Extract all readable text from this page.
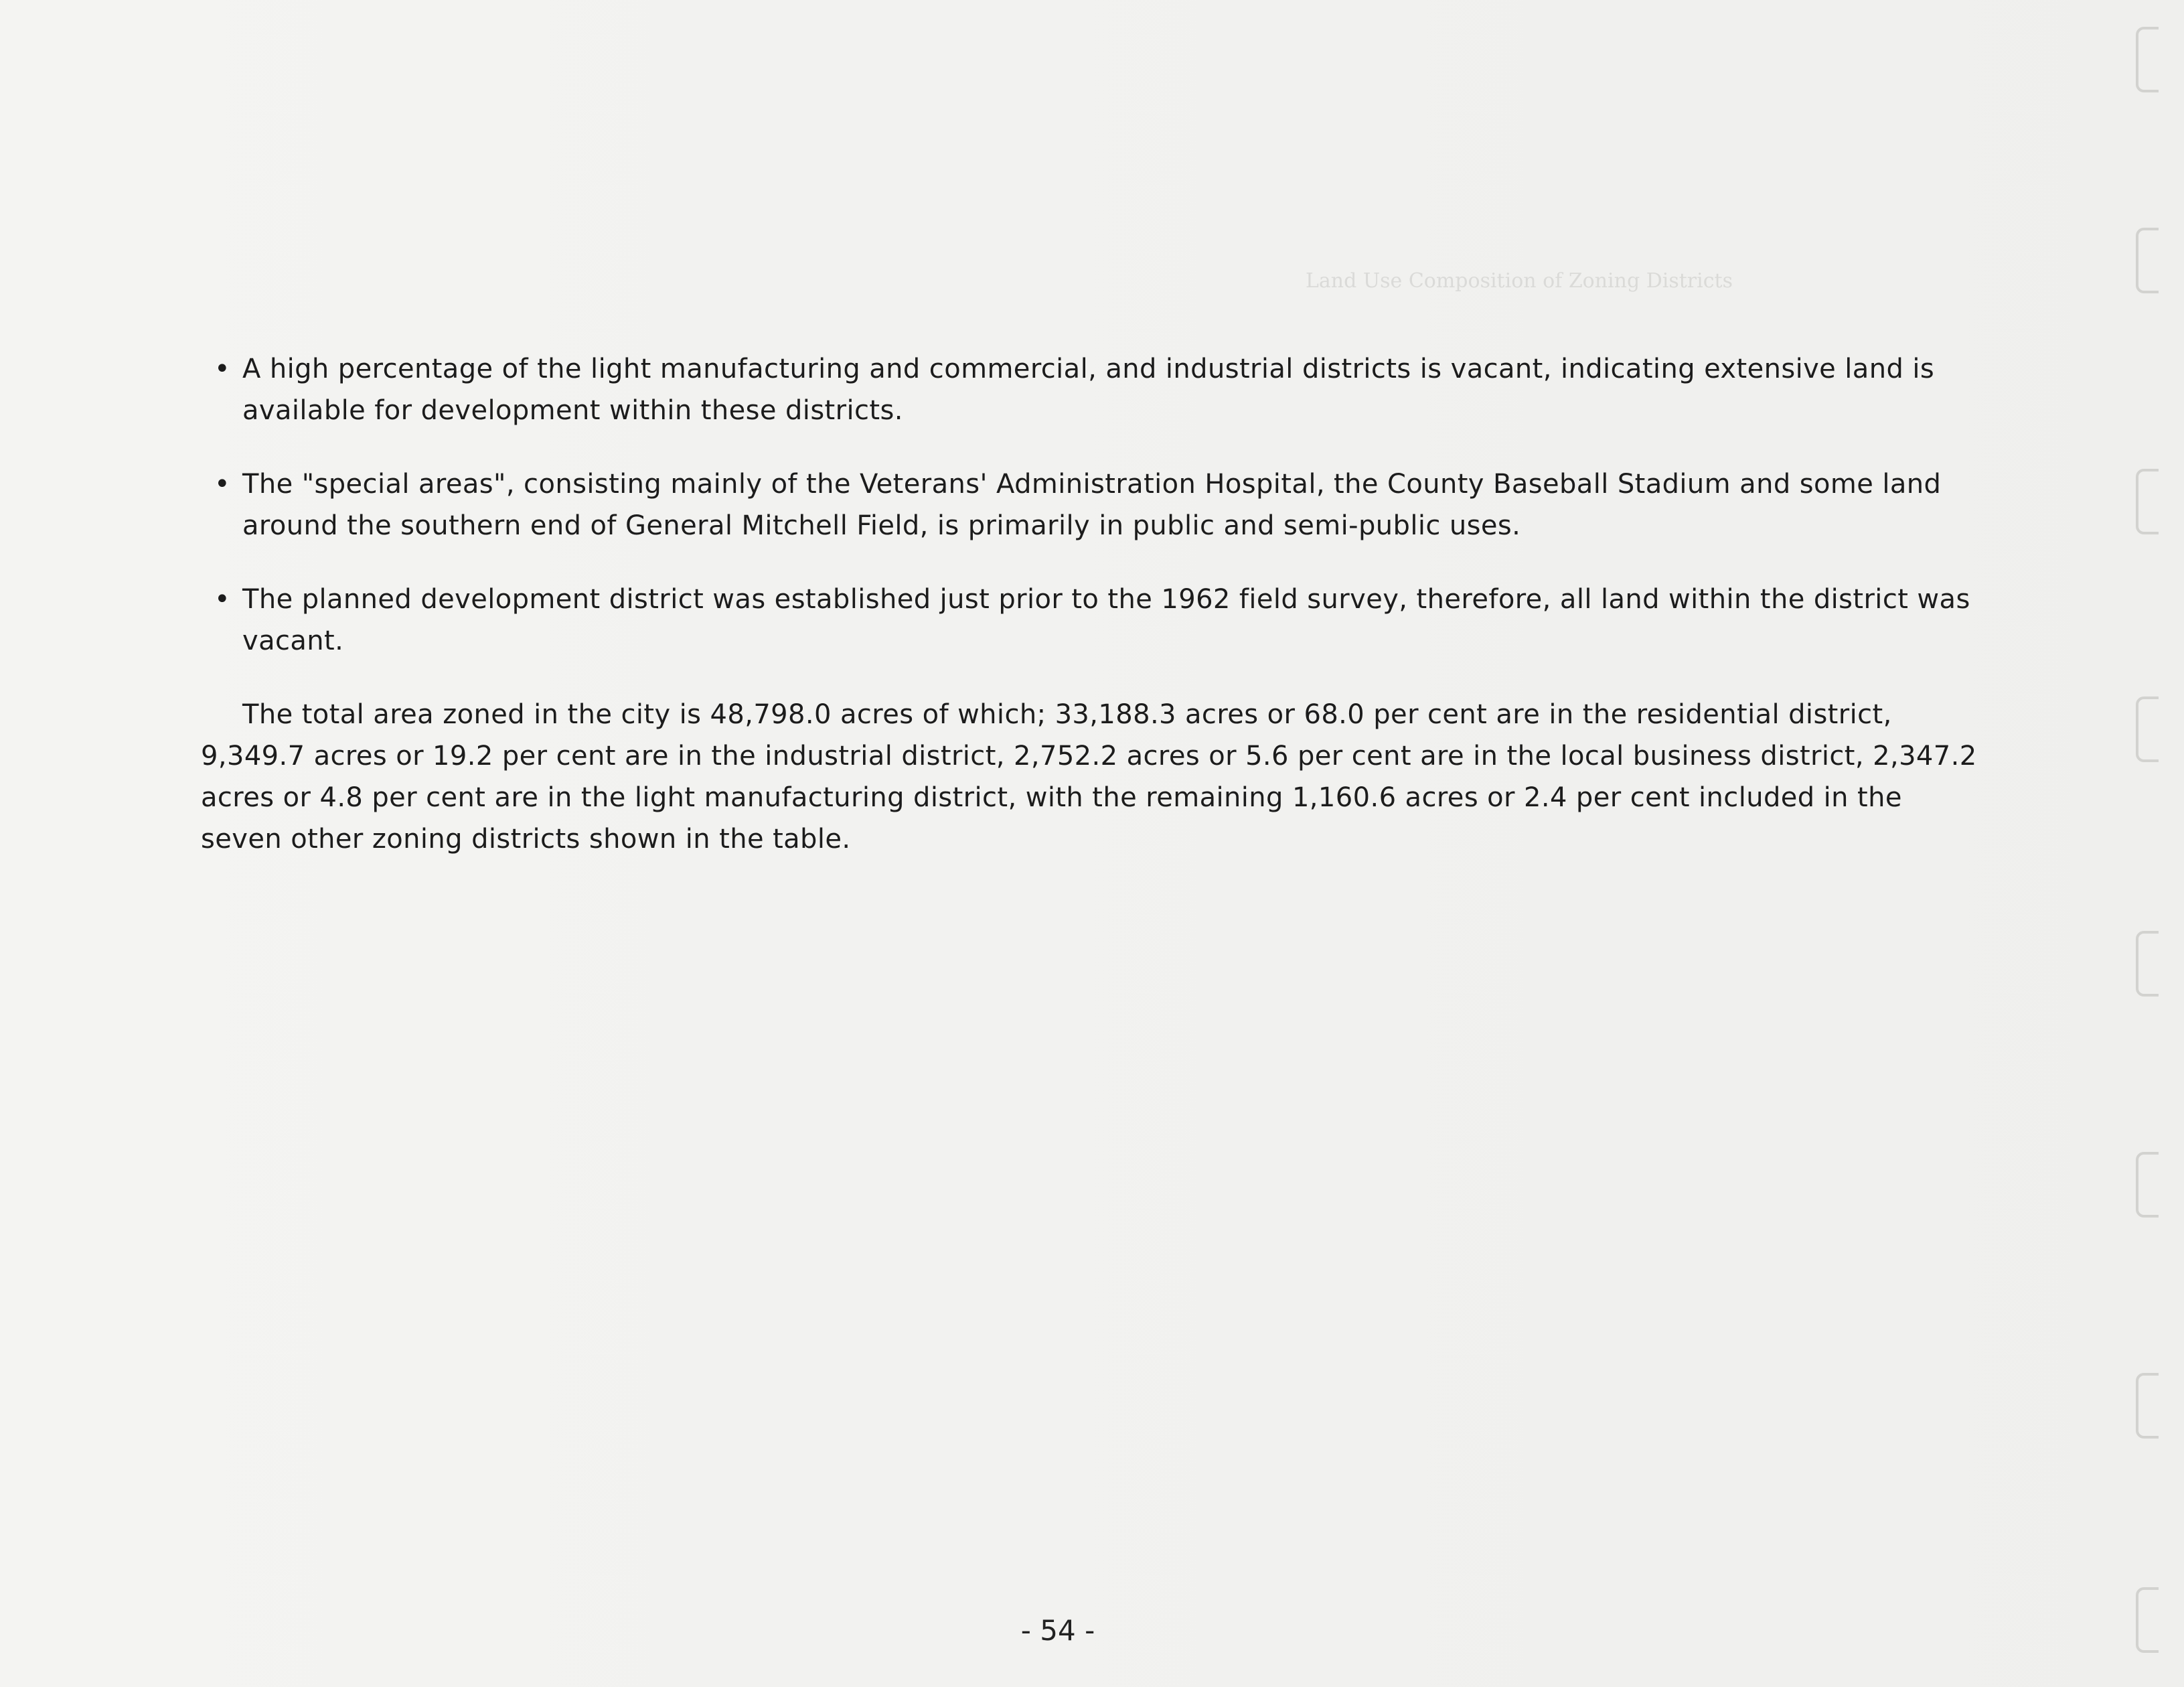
Land Use Composition of Zoning Districts
• A high percentage of the light manufacturing and commercial, and industrial districts is vacant, indicating extensive land is available for development within these districts.
• The "special areas", consisting mainly of the Veterans' Administration Hospital, the County Baseball Stadium and some land around the southern end of General Mitchell Field, is primarily in public and semi-public uses.
• The planned development district was established just prior to the 1962 field survey, therefore, all land within the district was vacant.
The total area zoned in the city is 48,798.0 acres of which; 33,188.3 acres or 68.0 per cent are in the residential district, 9,349.7 acres or 19.2 per cent are in the industrial district, 2,752.2 acres or 5.6 per cent are in the local business district, 2,347.2 acres or 4.8 per cent are in the light manufacturing district, with the remaining 1,160.6 acres or 2.4 per cent included in the seven other zoning districts shown in the table.
- 54 -
